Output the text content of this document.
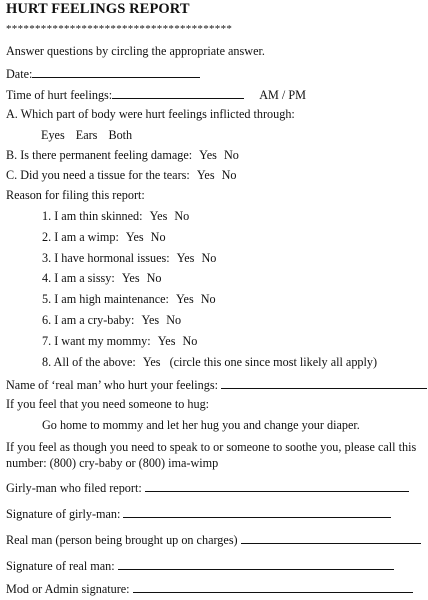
HURT FEELINGS REPORT
***************************************
Answer questions by circling the appropriate answer.
Date:
Time of hurt feelings:	AM / PM
A. Which part of body were hurt feelings inflicted through:
Eyes Ears Both
B. Is there permanent feeling damage: Yes No
C. Did you need a tissue for the tears: Yes No
Reason for filing this report:
1. I am thin skinned: Yes No
2. I am a wimp: Yes No
3. I have hormonal issues: Yes No
4. I am a sissy: Yes No
5. I am high maintenance: Yes No
6. I am a cry-baby: Yes No
7. I want my mommy: Yes No
8. All of the above: Yes (circle this one since most likely all apply)
Name of ‘real man’ who hurt your feelings:
If you feel that you need someone to hug:
Go home to mommy and let her hug you and change your diaper.
If you feel as though you need to speak to or someone to soothe you, please call this
number: (800) cry-baby or (800) ima-wimp
Girly-man who filed report:
Signature of girly-man:
Real man (person being brought up on charges)
Signature of real man:
Mod or Admin signature:
